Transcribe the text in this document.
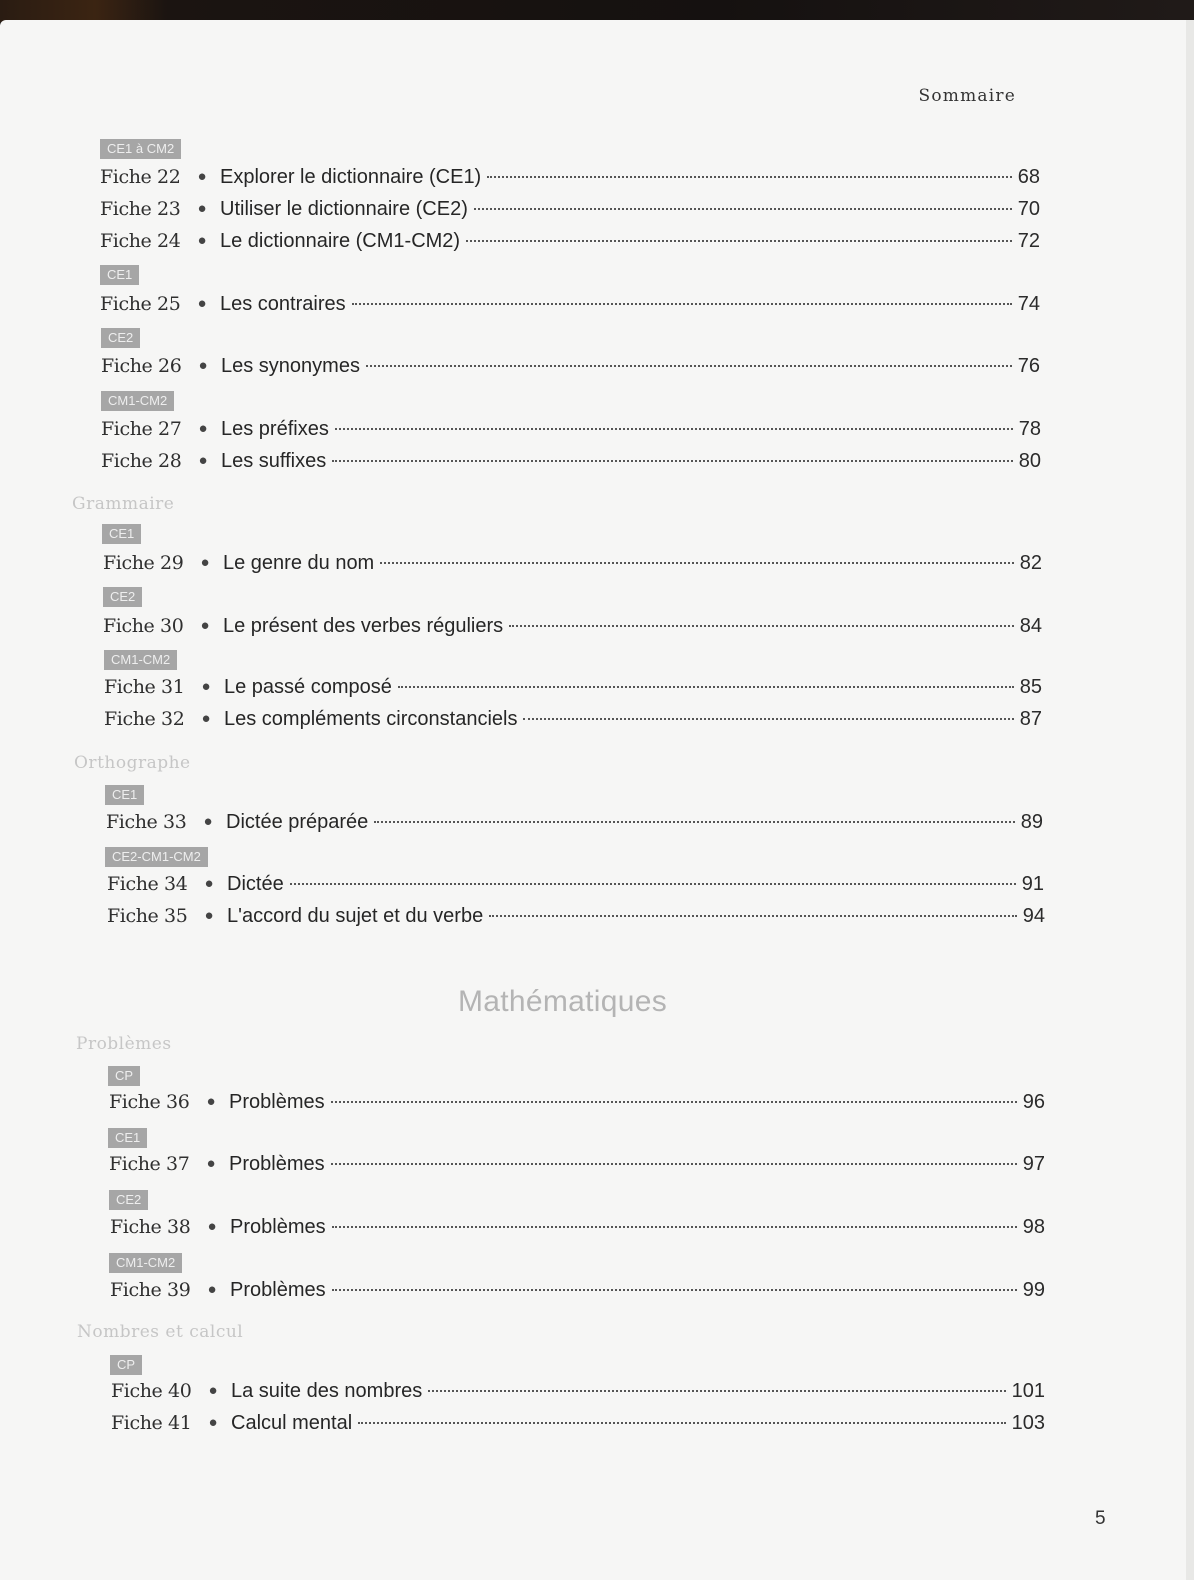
Sommaire
CE1 à CM2
CE1
CE2
CM1-CM2
CE1
CE2
CM1-CM2
CE1
CE2-CM1-CM2
CP
CE1
CE2
CM1-CM2
CP
Grammaire
Orthographe
Mathématiques
Problèmes
Nombres et calcul
Fiche 22	● Explorer le dictionnaire (CE1)	68
Fiche 23	● Utiliser le dictionnaire (CE2)	70
Fiche 24	● Le dictionnaire (CM1-CM2)	72
Fiche 25	● Les contraires	74
Fiche 26	● Les synonymes	76
Fiche 27	● Les préfixes	78
Fiche 28	● Les suffixes	80
Fiche 29	● Le genre du nom	82
Fiche 30	● Le présent des verbes réguliers	84
Fiche 31	● Le passé composé	85
Fiche 32	● Les compléments circonstanciels	87
Fiche 33	● Dictée préparée	89
Fiche 34	● Dictée	91
Fiche 35	● L'accord du sujet et du verbe	94
Fiche 36	● Problèmes	96
Fiche 37	● Problèmes	97
Fiche 38	● Problèmes	98
Fiche 39	● Problèmes	99
Fiche 40	● La suite des nombres	101
Fiche 41	● Calcul mental	103
5
